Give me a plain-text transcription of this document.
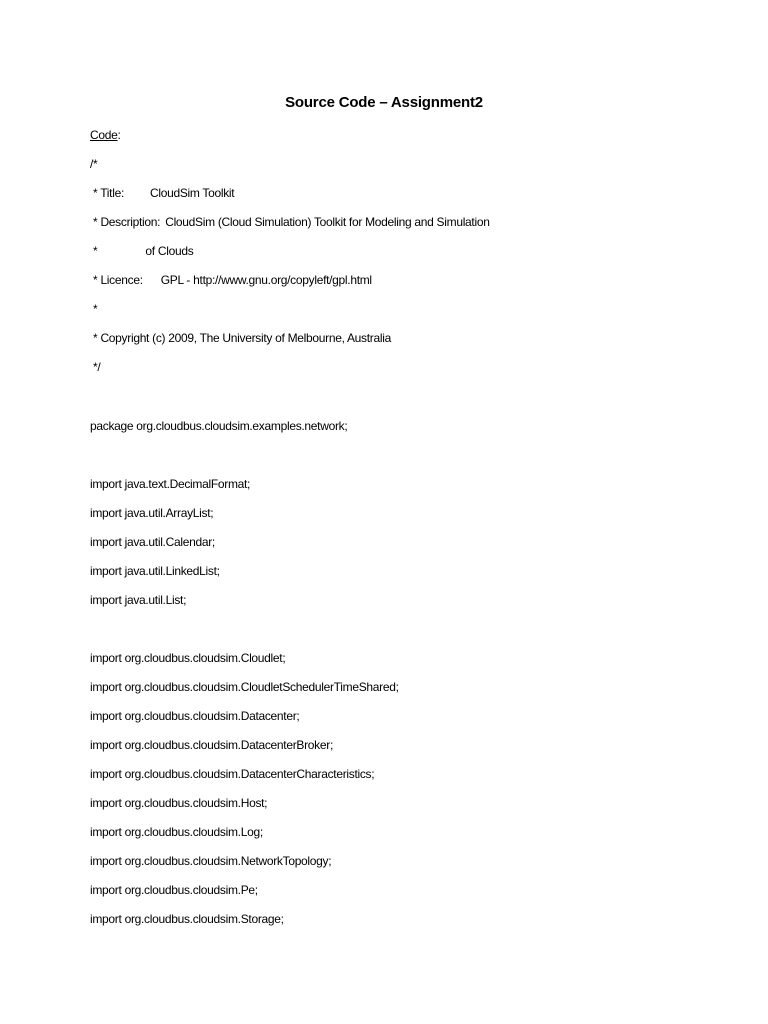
Source Code – Assignment2
Code:
/*
* Title: CloudSim Toolkit
* Description: CloudSim (Cloud Simulation) Toolkit for Modeling and Simulation
*	of Clouds
* Licence: GPL - http://www.gnu.org/copyleft/gpl.html
*
* Copyright (c) 2009, The University of Melbourne, Australia
*/
package org.cloudbus.cloudsim.examples.network;
import java.text.DecimalFormat;
import java.util.ArrayList;
import java.util.Calendar;
import java.util.LinkedList;
import java.util.List;
import org.cloudbus.cloudsim.Cloudlet;
import org.cloudbus.cloudsim.CloudletSchedulerTimeShared;
import org.cloudbus.cloudsim.Datacenter;
import org.cloudbus.cloudsim.DatacenterBroker;
import org.cloudbus.cloudsim.DatacenterCharacteristics;
import org.cloudbus.cloudsim.Host;
import org.cloudbus.cloudsim.Log;
import org.cloudbus.cloudsim.NetworkTopology;
import org.cloudbus.cloudsim.Pe;
import org.cloudbus.cloudsim.Storage;
